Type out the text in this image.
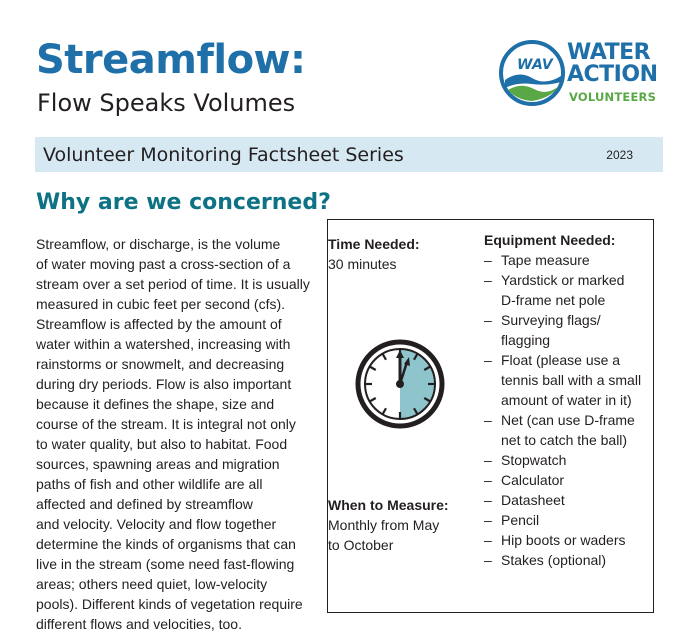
Streamflow:
Flow Speaks Volumes
WAV WATER
ACTION
VOLUNTEERS
Volunteer Monitoring Factsheet Series	2023
Why are we concerned?
Streamflow, or discharge, is the volume
of water moving past a cross-section of a
stream over a set period of time. It is usually
measured in cubic feet per second (cfs).
Streamflow is affected by the amount of
water within a watershed, increasing with
rainstorms or snowmelt, and decreasing
during dry periods. Flow is also important
because it defines the shape, size and
course of the stream. It is integral not only
to water quality, but also to habitat. Food
sources, spawning areas and migration
paths of fish and other wildlife are all
affected and defined by streamflow
and velocity. Velocity and flow together
determine the kinds of organisms that can
live in the stream (some need fast-flowing
areas; others need quiet, low-velocity
pools). Different kinds of vegetation require
different flows and velocities, too.
Time Needed:
30 minutes
When to Measure:
Monthly from May
to October
Equipment Needed:
– Tape measure
– Yardstick or marked
D-frame net pole
– Surveying flags/
flagging
– Float (please use a
tennis ball with a small
amount of water in it)
– Net (can use D-frame
net to catch the ball)
– Stopwatch
– Calculator
– Datasheet
– Pencil
– Hip boots or waders
– Stakes (optional)
